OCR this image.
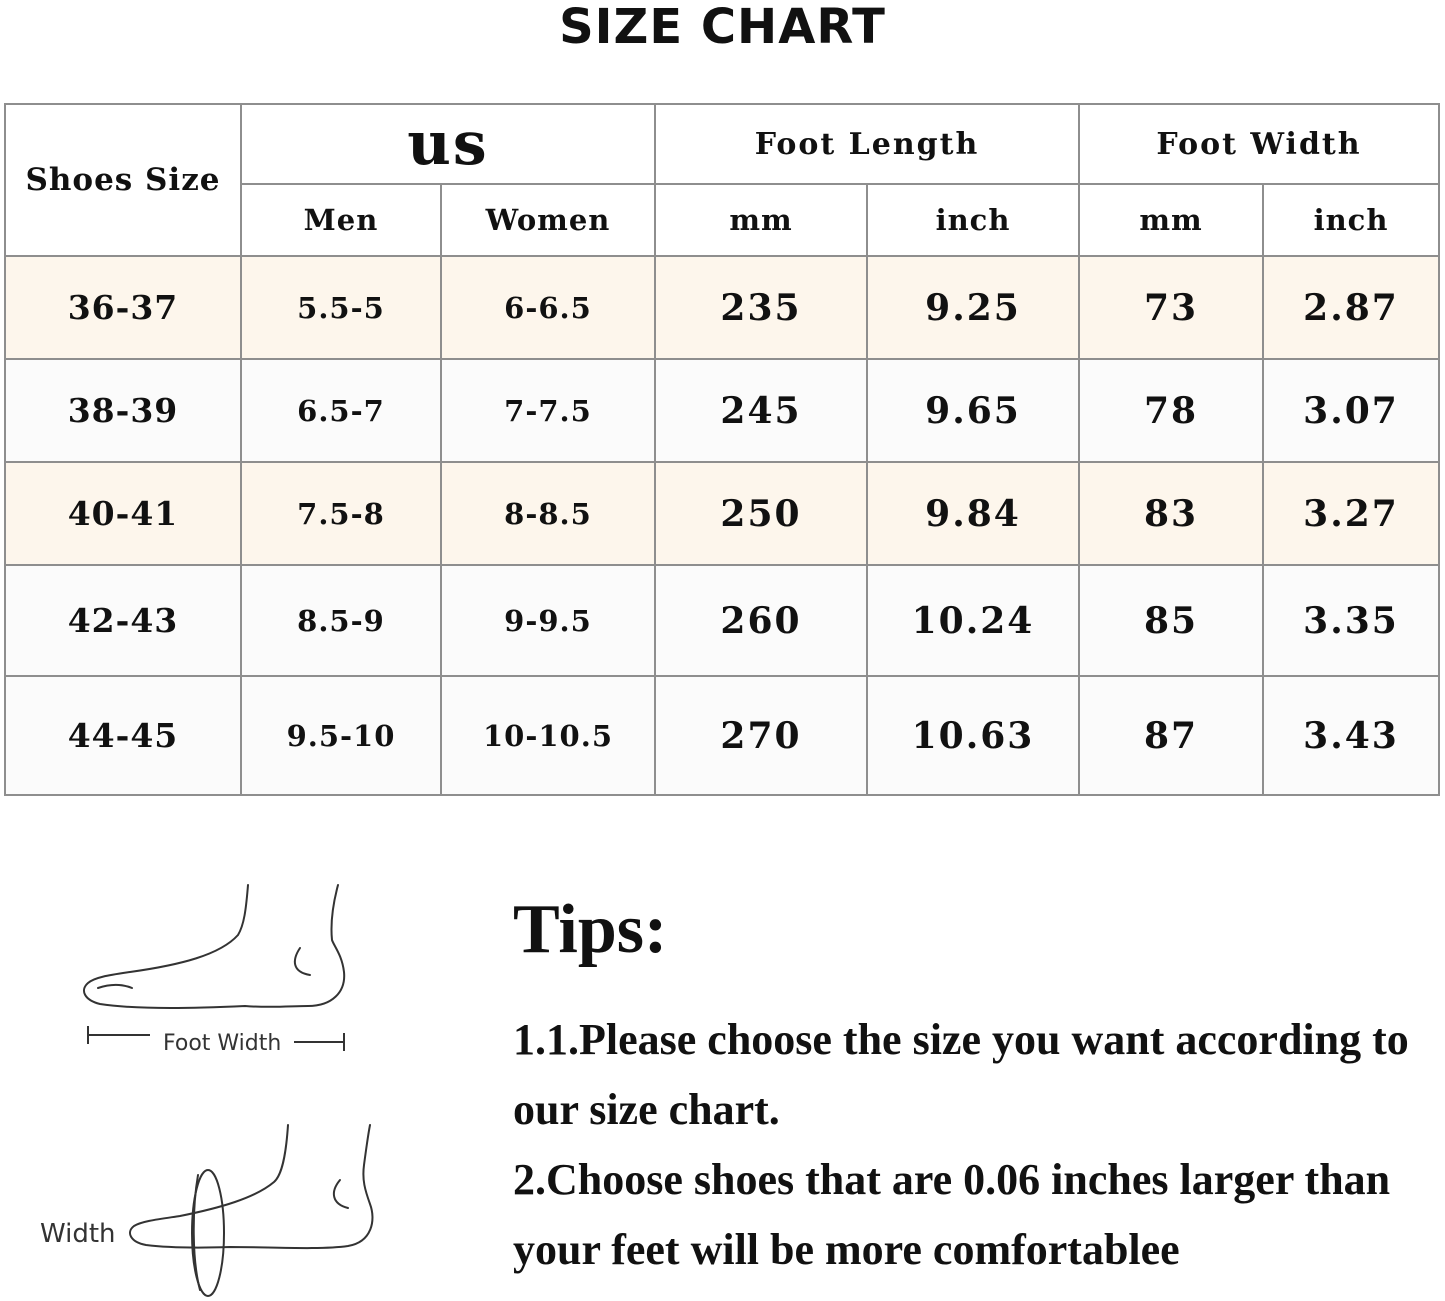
SIZE CHART
Shoes Size	us		Foot Length		Foot Width	
	Men	Women	mm	inch	mm	inch
36-37	5.5-5	6-6.5	235	9.25	73	2.87
38-39	6.5-7	7-7.5	245	9.65	78	3.07
40-41	7.5-8	8-8.5	250	9.84	83	3.27
42-43	8.5-9	9-9.5	260	10.24	85	3.35
44-45	9.5-10	10-10.5	270	10.63	87	3.43
Foot Width
Width
Tips:
1.1.Please choose the size you want according to
our size chart.
2.Choose shoes that are 0.06 inches larger than
your feet will be more comfortablee
